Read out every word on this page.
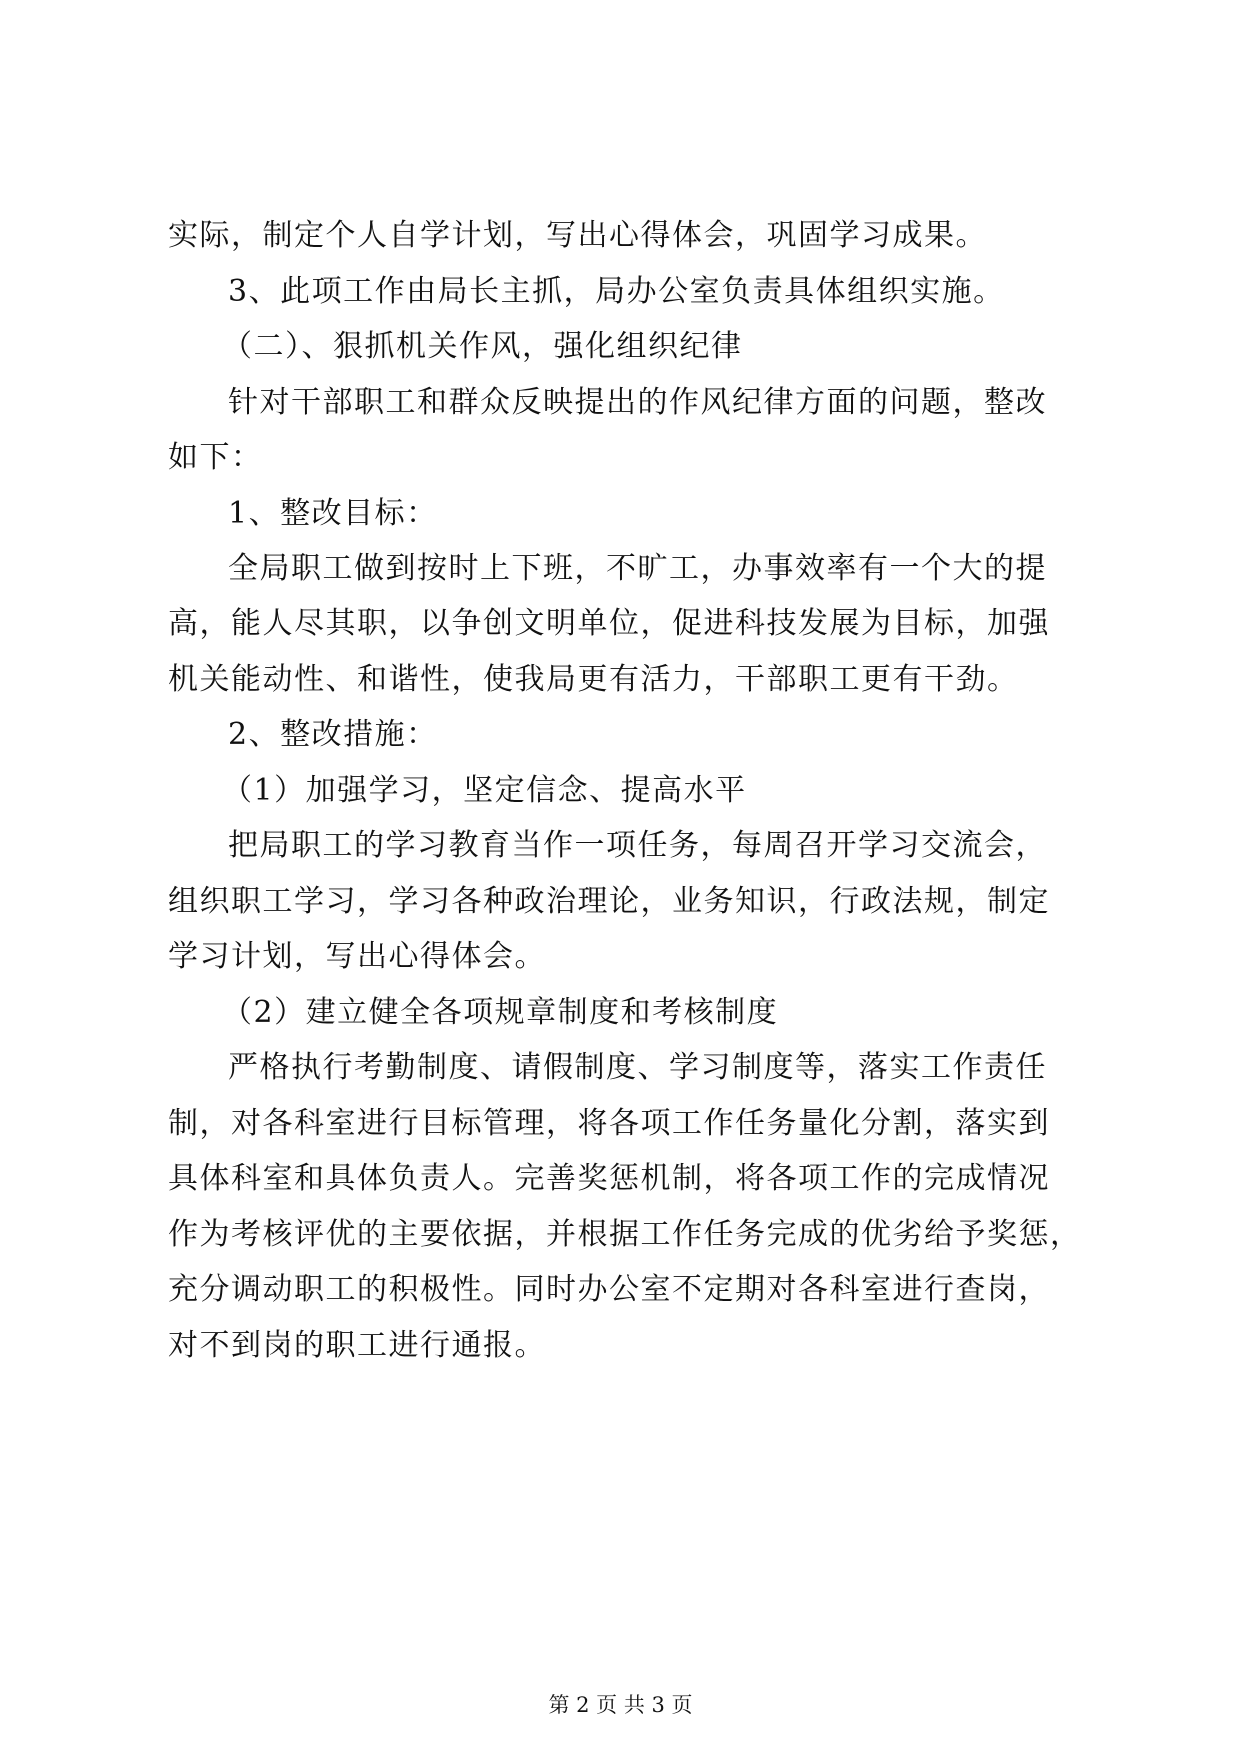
实际，制定个人自学计划，写出心得体会，巩固学习成果。
3、此项工作由局长主抓，局办公室负责具体组织实施。
（二）、狠抓机关作风，强化组织纪律
针对干部职工和群众反映提出的作风纪律方面的问题，整改
如下：
1、整改目标：
全局职工做到按时上下班，不旷工，办事效率有一个大的提
高，能人尽其职，以争创文明单位，促进科技发展为目标，加强
机关能动性、和谐性，使我局更有活力，干部职工更有干劲。
2、整改措施：
（1）加强学习，坚定信念、提高水平
把局职工的学习教育当作一项任务，每周召开学习交流会，
组织职工学习，学习各种政治理论，业务知识，行政法规，制定
学习计划，写出心得体会。
（2）建立健全各项规章制度和考核制度
严格执行考勤制度、请假制度、学习制度等，落实工作责任
制，对各科室进行目标管理，将各项工作任务量化分割，落实到
具体科室和具体负责人。完善奖惩机制，将各项工作的完成情况
作为考核评优的主要依据，并根据工作任务完成的优劣给予奖惩，
充分调动职工的积极性。同时办公室不定期对各科室进行查岗，
对不到岗的职工进行通报。
第 2 页 共 3 页
